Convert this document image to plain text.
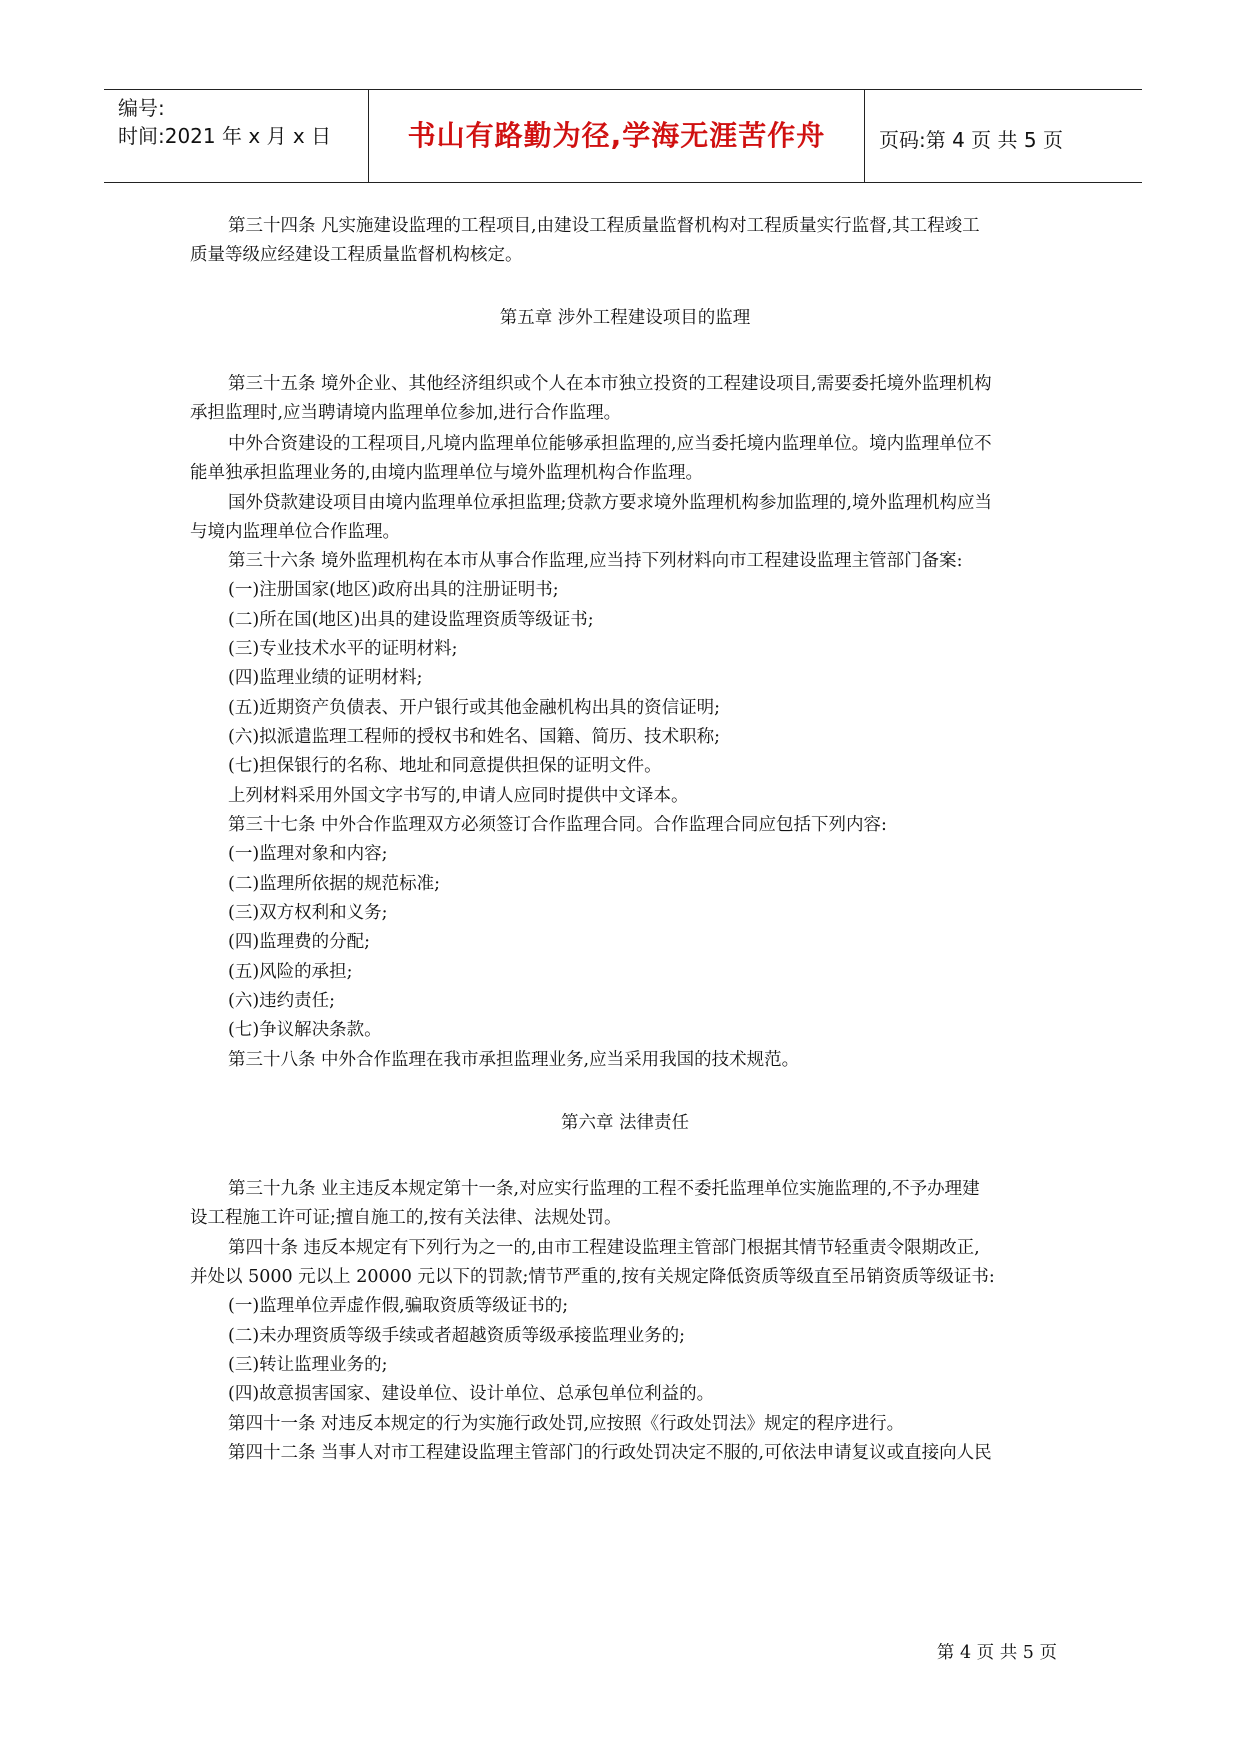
编号:
时间:2021 年 x 月 x 日	书山有路勤为径,学海无涯苦作舟	页码:第 4 页 共 5 页
第三十四条 凡实施建设监理的工程项目,由建设工程质量监督机构对工程质量实行监督,其工程竣工
质量等级应经建设工程质量监督机构核定。
第五章 涉外工程建设项目的监理
第三十五条 境外企业、其他经济组织或个人在本市独立投资的工程建设项目,需要委托境外监理机构
承担监理时,应当聘请境内监理单位参加,进行合作监理。
中外合资建设的工程项目,凡境内监理单位能够承担监理的,应当委托境内监理单位。境内监理单位不
能单独承担监理业务的,由境内监理单位与境外监理机构合作监理。
国外贷款建设项目由境内监理单位承担监理;贷款方要求境外监理机构参加监理的,境外监理机构应当
与境内监理单位合作监理。
第三十六条 境外监理机构在本市从事合作监理,应当持下列材料向市工程建设监理主管部门备案:
(一)注册国家(地区)政府出具的注册证明书;
(二)所在国(地区)出具的建设监理资质等级证书;
(三)专业技术水平的证明材料;
(四)监理业绩的证明材料;
(五)近期资产负债表、开户银行或其他金融机构出具的资信证明;
(六)拟派遣监理工程师的授权书和姓名、国籍、简历、技术职称;
(七)担保银行的名称、地址和同意提供担保的证明文件。
上列材料采用外国文字书写的,申请人应同时提供中文译本。
第三十七条 中外合作监理双方必须签订合作监理合同。合作监理合同应包括下列内容:
(一)监理对象和内容;
(二)监理所依据的规范标准;
(三)双方权利和义务;
(四)监理费的分配;
(五)风险的承担;
(六)违约责任;
(七)争议解决条款。
第三十八条 中外合作监理在我市承担监理业务,应当采用我国的技术规范。
第六章 法律责任
第三十九条 业主违反本规定第十一条,对应实行监理的工程不委托监理单位实施监理的,不予办理建
设工程施工许可证;擅自施工的,按有关法律、法规处罚。
第四十条 违反本规定有下列行为之一的,由市工程建设监理主管部门根据其情节轻重责令限期改正,
并处以 5000 元以上 20000 元以下的罚款;情节严重的,按有关规定降低资质等级直至吊销资质等级证书:
(一)监理单位弄虚作假,骗取资质等级证书的;
(二)未办理资质等级手续或者超越资质等级承接监理业务的;
(三)转让监理业务的;
(四)故意损害国家、建设单位、设计单位、总承包单位利益的。
第四十一条 对违反本规定的行为实施行政处罚,应按照《行政处罚法》规定的程序进行。
第四十二条 当事人对市工程建设监理主管部门的行政处罚决定不服的,可依法申请复议或直接向人民
第 4 页 共 5 页
